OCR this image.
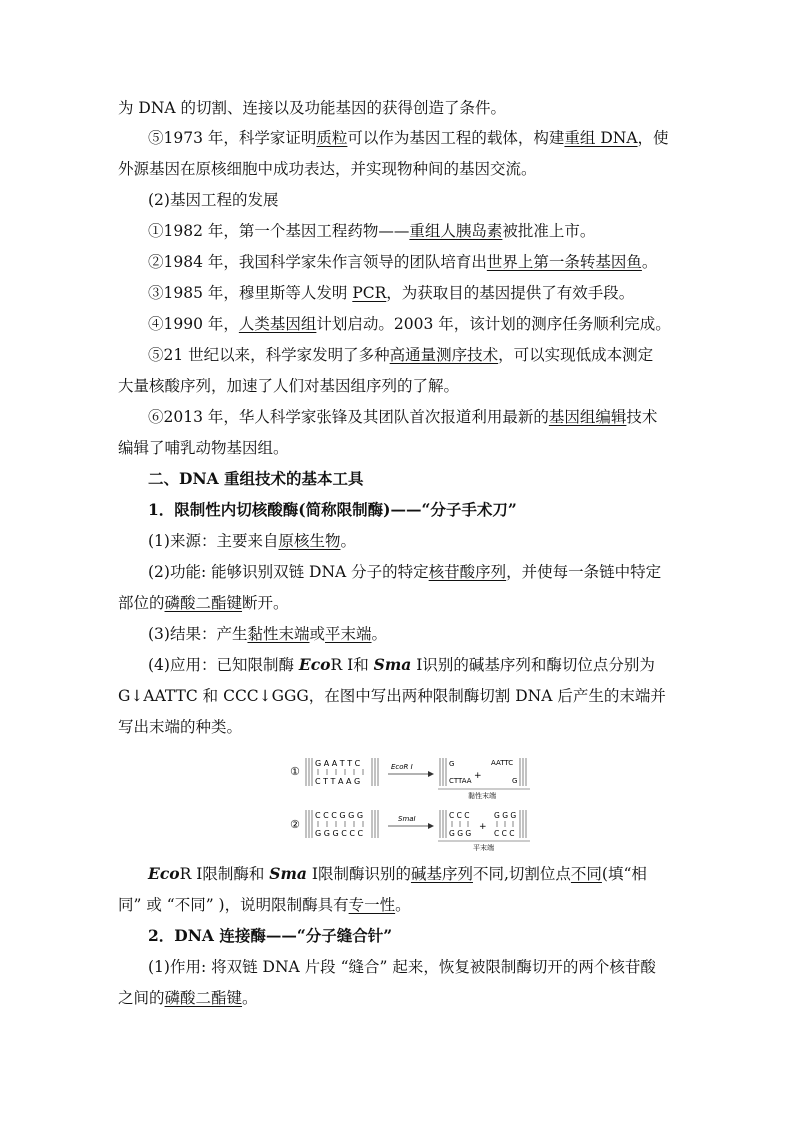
为 DNA 的切割、连接以及功能基因的获得创造了条件。
⑤1973 年，科学家证明质粒可以作为基因工程的载体，构建重组 DNA，使
外源基因在原核细胞中成功表达，并实现物种间的基因交流。
(2)基因工程的发展
①1982 年，第一个基因工程药物——重组人胰岛素被批准上市。
②1984 年，我国科学家朱作言领导的团队培育出世界上第一条转基因鱼。
③1985 年，穆里斯等人发明 PCR，为获取目的基因提供了有效手段。
④1990 年，人类基因组计划启动。2003 年，该计划的测序任务顺利完成。
⑤21 世纪以来，科学家发明了多种高通量测序技术，可以实现低成本测定
大量核酸序列，加速了人们对基因组序列的了解。
⑥2013 年，华人科学家张锋及其团队首次报道利用最新的基因组编辑技术
编辑了哺乳动物基因组。
二、DNA 重组技术的基本工具
1．限制性内切核酸酶(简称限制酶)——“分子手术刀”
(1)来源：主要来自原核生物。
(2)功能: 能够识别双链 DNA 分子的特定核苷酸序列，并使每一条链中特定
部位的磷酸二酯键断开。
(3)结果：产生黏性末端或平末端。
(4)应用：已知限制酶 EcoR Ⅰ和 Sma Ⅰ识别的碱基序列和酶切位点分别为
G↓AATTC 和 CCC↓GGG，在图中写出两种限制酶切割 DNA 后产生的末端并
写出末端的种类。
①
G A A T T C
C T T A A G
EcoR Ⅰ	G
CTTAA +
AATTC
G
黏性末端
②
C C C G G G
G G G C C C
SmaⅠ	C C C
G G G
+
G G G
C C C
平末端
EcoR Ⅰ限制酶和 Sma Ⅰ限制酶识别的碱基序列不同,切割位点不同(填“相
同” 或 “不同” )，说明限制酶具有专一性。
2．DNA 连接酶——“分子缝合针”
(1)作用: 将双链 DNA 片段 “缝合” 起来，恢复被限制酶切开的两个核苷酸
之间的磷酸二酯键。
